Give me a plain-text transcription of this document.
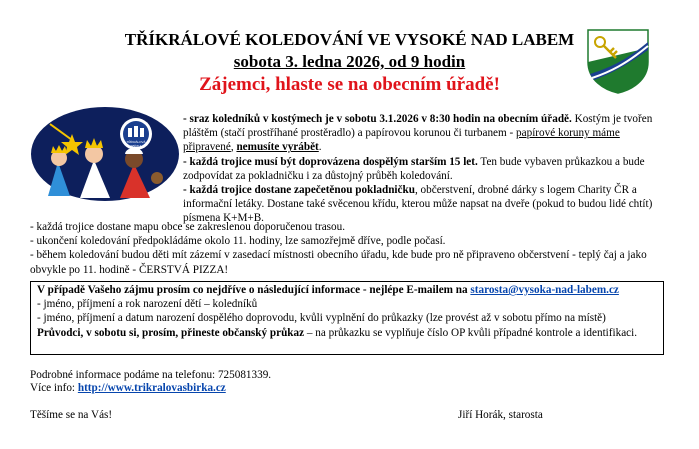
TŘÍKRÁLOVÉ KOLEDOVÁNÍ VE VYSOKÉ NAD LABEM
sobota 3. ledna 2026, od 9 hodin
Zájemci, hlaste se na obecním úřadě!
TŘÍKRÁLOVÁ
SBÍRKA

- sraz koledníků v kostýmech je v sobotu 3.1.2026 v 8:30 hodin na obecním úřadě. Kostým je tvořen pláštěm (stačí prostříhané prostěradlo) a papírovou korunou či turbanem - papírové koruny máme připravené, nemusíte vyrábět.

- každá trojice musí být doprovázena dospělým starším 15 let. Ten bude vybaven průkazkou a bude zodpovídat za pokladničku i za důstojný průběh koledování.

- každá trojice dostane zapečetěnou pokladničku, občerstvení, drobné dárky s logem Charity ČR a informační letáky. Dostane také svěcenou křídu, kterou může napsat na dveře (pokud to budou lidé chtít) písmena K+M+B.

- každá trojice dostane mapu obce se zakreslenou doporučenou trasou.

- ukončení koledování předpokládáme okolo 11. hodiny, lze samozřejmě dříve, podle počasí.

- během koledování budou děti mít zázemí v zasedací místnosti obecního úřadu, kde bude pro ně připraveno občerstvení - teplý čaj a jako obvykle po 11. hodině - ČERSTVÁ PIZZA!

V případě Vašeho zájmu prosím co nejdříve o následující informace - nejlépe E-mailem na starosta@vysoka-nad-labem.cz

- jméno, příjmení a rok narození dětí – koledníků

- jméno, příjmení a datum narození dospělého doprovodu, kvůli vyplnění do průkazky (lze provést až v sobotu přímo na místě)

Průvodci, v sobotu si, prosím, přineste občanský průkaz – na průkazku se vyplňuje číslo OP kvůli případné kontrole a identifikaci.

Podrobné informace podáme na telefonu: 725081339.
Více info: http://www.trikralovasbirka.cz
Těšíme se na Vás!	Jiří Horák, starosta
